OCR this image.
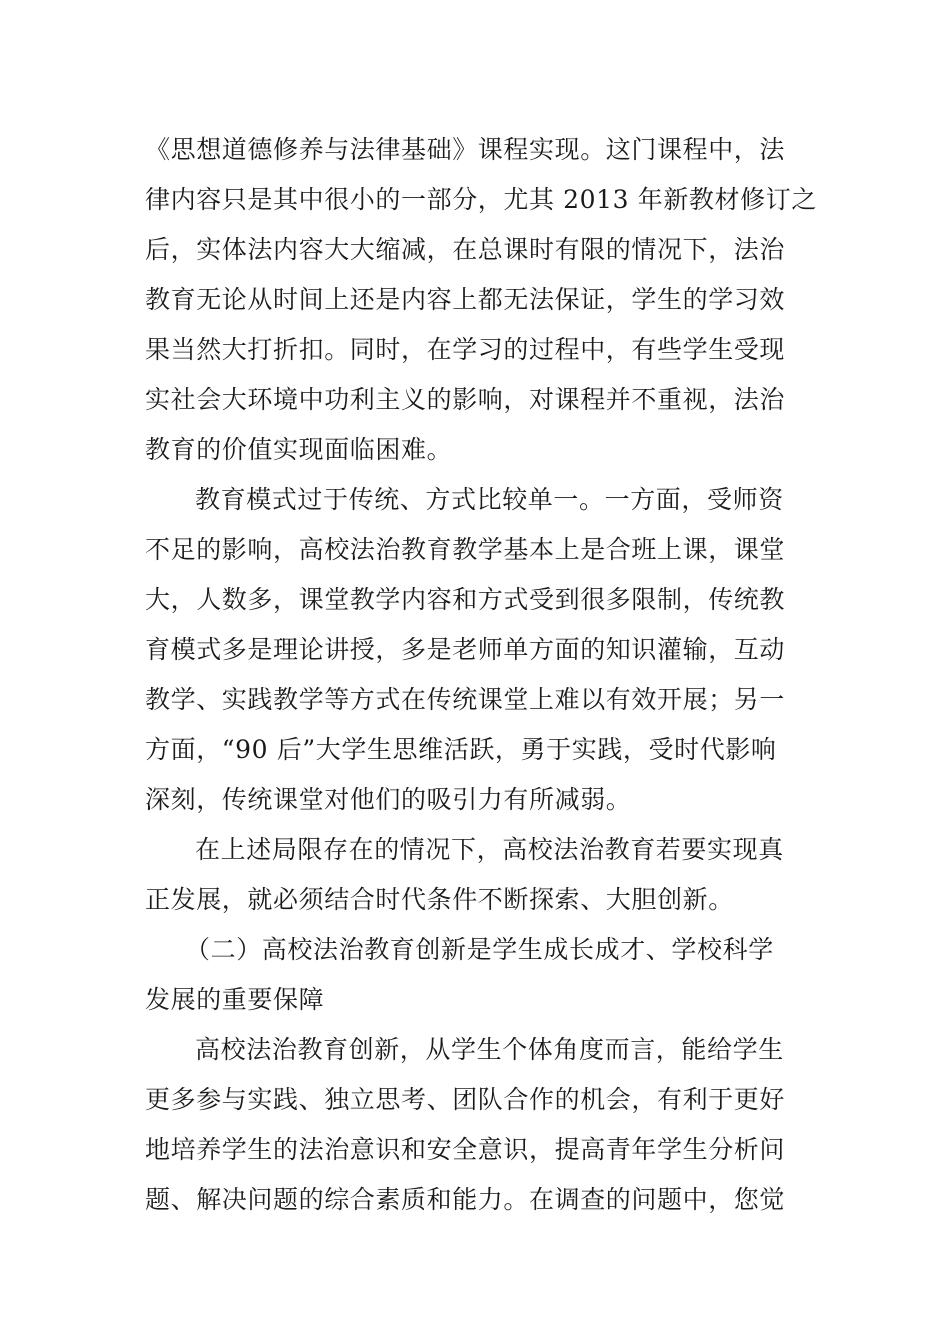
《思想道德修养与法律基础》课程实现。这门课程中，法
律内容只是其中很小的一部分，尤其 2013 年新教材修订之
后，实体法内容大大缩减，在总课时有限的情况下，法治
教育无论从时间上还是内容上都无法保证，学生的学习效
果当然大打折扣。同时，在学习的过程中，有些学生受现
实社会大环境中功利主义的影响，对课程并不重视，法治
教育的价值实现面临困难。
教育模式过于传统、方式比较单一。一方面，受师资
不足的影响，高校法治教育教学基本上是合班上课，课堂
大，人数多，课堂教学内容和方式受到很多限制，传统教
育模式多是理论讲授，多是老师单方面的知识灌输，互动
教学、实践教学等方式在传统课堂上难以有效开展；另一
方面，“90 后”大学生思维活跃，勇于实践，受时代影响
深刻，传统课堂对他们的吸引力有所减弱。
在上述局限存在的情况下，高校法治教育若要实现真
正发展，就必须结合时代条件不断探索、大胆创新。
（二）高校法治教育创新是学生成长成才、学校科学
发展的重要保障
高校法治教育创新，从学生个体角度而言，能给学生
更多参与实践、独立思考、团队合作的机会，有利于更好
地培养学生的法治意识和安全意识，提高青年学生分析问
题、解决问题的综合素质和能力。在调查的问题中，您觉
